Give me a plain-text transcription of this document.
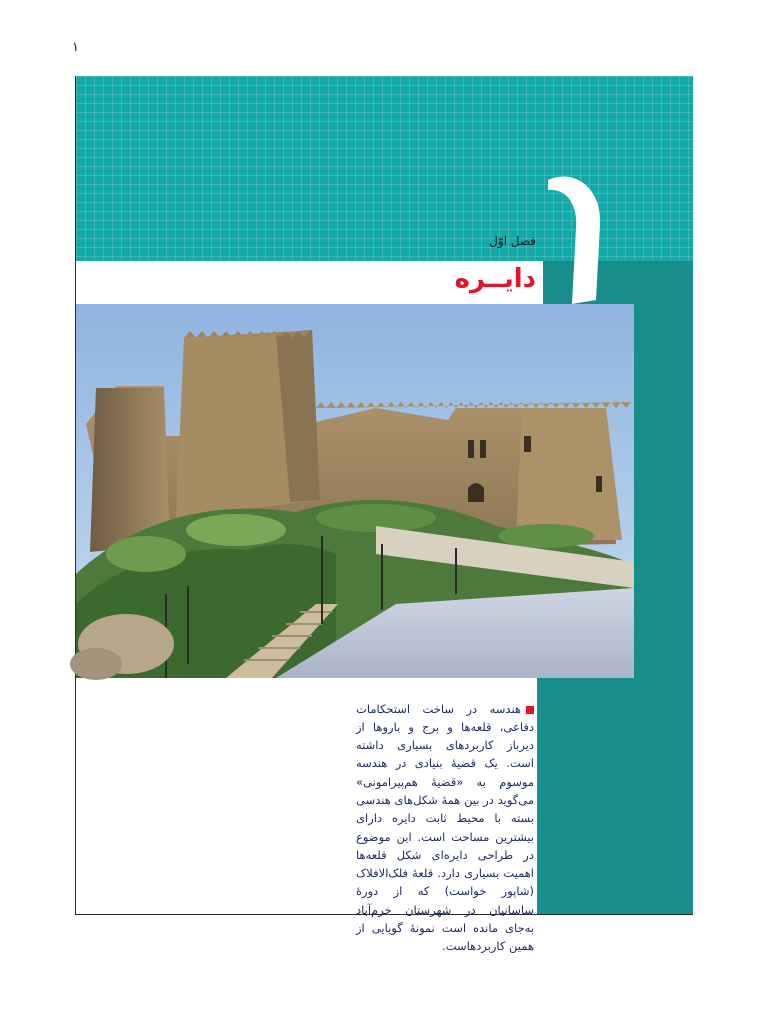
۱
فصل اوّل
دایــره

هندسه در ساخت استحکامات دفاعی، قلعه‌ها و برج و باروها از دیرباز کاربردهای بسیاری داشته است. یک قضیهٔ بنیادی در هندسه موسوم به «قضیهٔ هم‌پیرامونی» می‌گوید در بین همهٔ شکل‌های هندسی بسته با محیط ثابت دایره دارای بیشترین مساحت است. این موضوع در طراحی دایره‌ای شکل قلعه‌ها اهمیت بسیاری دارد. قلعهٔ فلک‌الافلاک (شاپور خواست) که از دورهٔ ساسانیان در شهرستان خرم‌آباد به‌جای مانده است نمونهٔ گویایی از همین کاربردهاست.
